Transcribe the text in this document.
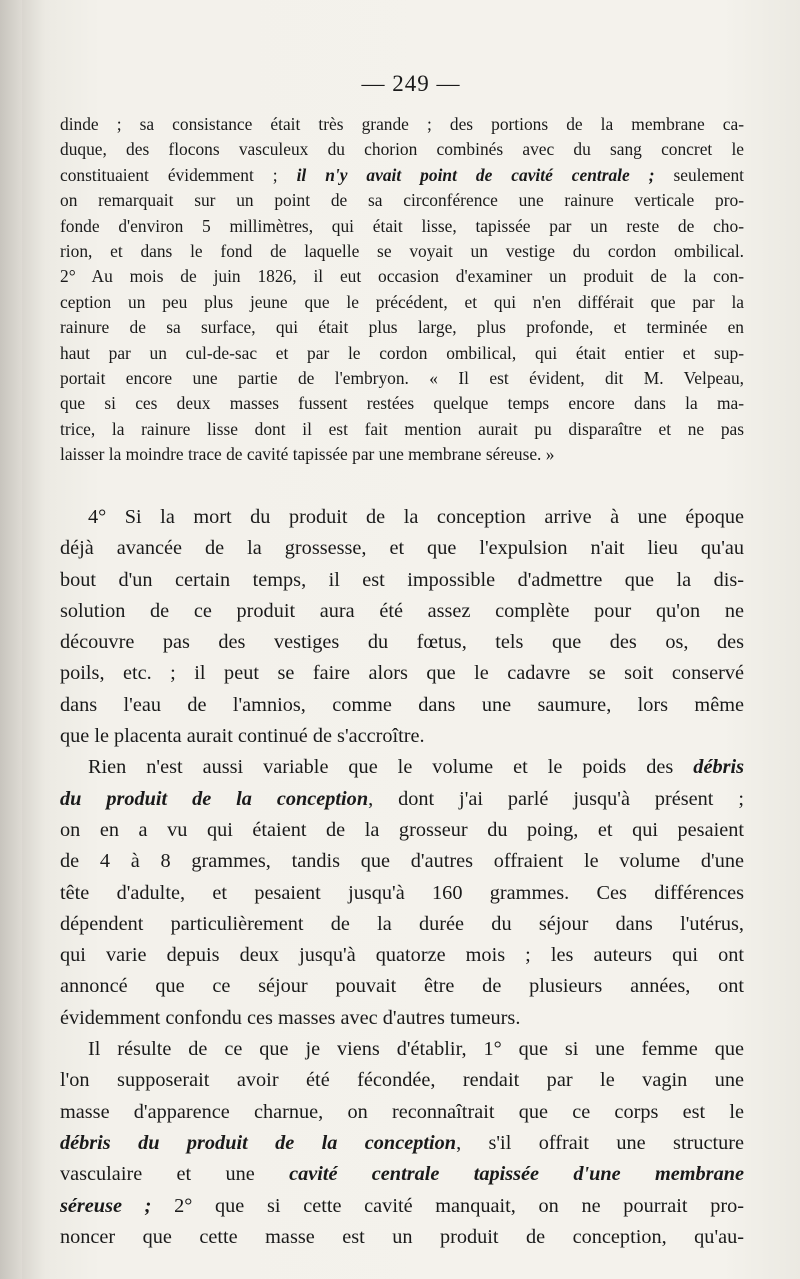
— 249 —
dinde ; sa consistance était très grande ; des portions de la membrane ca-
duque, des flocons vasculeux du chorion combinés avec du sang concret le
constituaient évidemment ; il n'y avait point de cavité centrale ; seulement
on remarquait sur un point de sa circonférence une rainure verticale pro-
fonde d'environ 5 millimètres, qui était lisse, tapissée par un reste de cho-
rion, et dans le fond de laquelle se voyait un vestige du cordon ombilical.
2° Au mois de juin 1826, il eut occasion d'examiner un produit de la con-
ception un peu plus jeune que le précédent, et qui n'en différait que par la
rainure de sa surface, qui était plus large, plus profonde, et terminée en
haut par un cul-de-sac et par le cordon ombilical, qui était entier et sup-
portait encore une partie de l'embryon. « Il est évident, dit M. Velpeau,
que si ces deux masses fussent restées quelque temps encore dans la ma-
trice, la rainure lisse dont il est fait mention aurait pu disparaître et ne pas
laisser la moindre trace de cavité tapissée par une membrane séreuse. »
4° Si la mort du produit de la conception arrive à une époque
déjà avancée de la grossesse, et que l'expulsion n'ait lieu qu'au
bout d'un certain temps, il est impossible d'admettre que la dis-
solution de ce produit aura été assez complète pour qu'on ne
découvre pas des vestiges du fœtus, tels que des os, des
poils, etc. ; il peut se faire alors que le cadavre se soit conservé
dans l'eau de l'amnios, comme dans une saumure, lors même
que le placenta aurait continué de s'accroître.
Rien n'est aussi variable que le volume et le poids des débris
du produit de la conception, dont j'ai parlé jusqu'à présent ;
on en a vu qui étaient de la grosseur du poing, et qui pesaient
de 4 à 8 grammes, tandis que d'autres offraient le volume d'une
tête d'adulte, et pesaient jusqu'à 160 grammes. Ces différences
dépendent particulièrement de la durée du séjour dans l'utérus,
qui varie depuis deux jusqu'à quatorze mois ; les auteurs qui ont
annoncé que ce séjour pouvait être de plusieurs années, ont
évidemment confondu ces masses avec d'autres tumeurs.
Il résulte de ce que je viens d'établir, 1° que si une femme que
l'on supposerait avoir été fécondée, rendait par le vagin une
masse d'apparence charnue, on reconnaîtrait que ce corps est le
débris du produit de la conception, s'il offrait une structure
vasculaire et une cavité centrale tapissée d'une membrane
séreuse ; 2° que si cette cavité manquait, on ne pourrait pro-
noncer que cette masse est un produit de conception, qu'au-
